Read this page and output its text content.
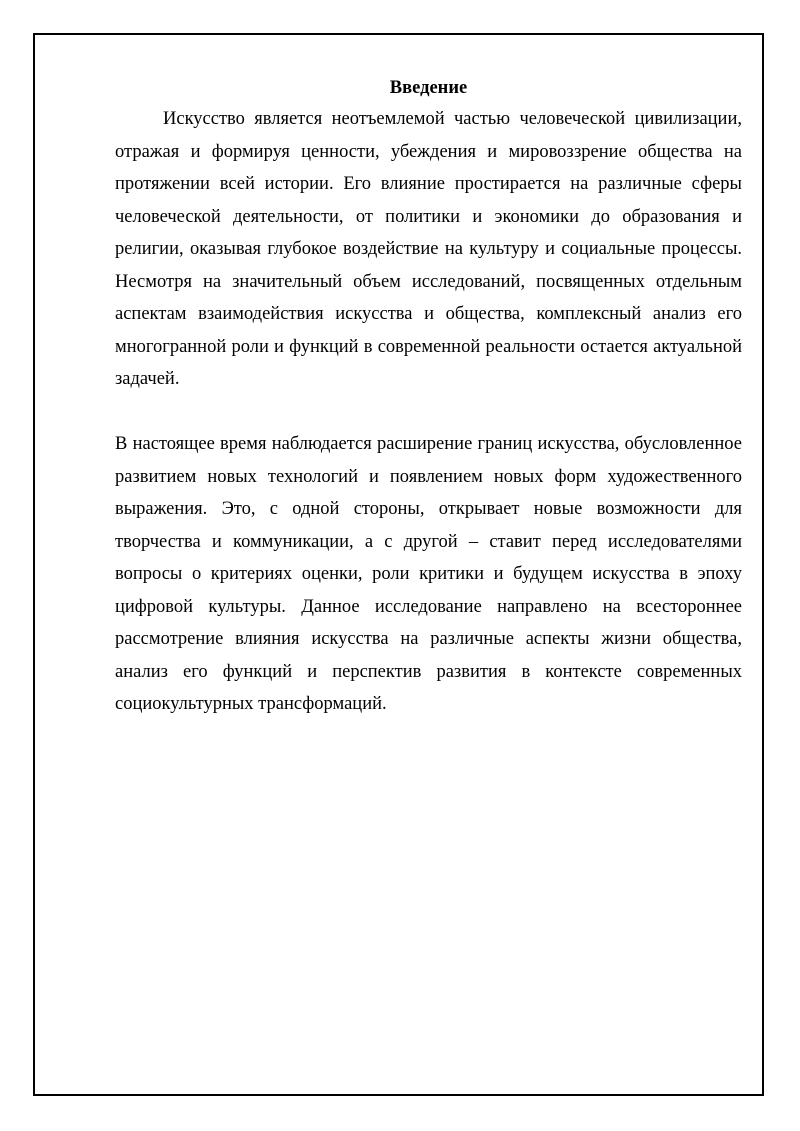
Введение

Искусство является неотъемлемой частью человеческой цивилизации, отражая и формируя ценности, убеждения и мировоззрение общества на протяжении всей истории. Его влияние простирается на различные сферы человеческой деятельности, от политики и экономики до образования и религии, оказывая глубокое воздействие на культуру и социальные процессы. Несмотря на значительный объем исследований, посвященных отдельным аспектам взаимодействия искусства и общества, комплексный анализ его многогранной роли и функций в современной реальности остается актуальной задачей.

В настоящее время наблюдается расширение границ искусства, обусловленное развитием новых технологий и появлением новых форм художественного выражения. Это, с одной стороны, открывает новые возможности для творчества и коммуникации, а с другой – ставит перед исследователями вопросы о критериях оценки, роли критики и будущем искусства в эпоху цифровой культуры. Данное исследование направлено на всестороннее рассмотрение влияния искусства на различные аспекты жизни общества, анализ его функций и перспектив развития в контексте современных социокультурных трансформаций.
